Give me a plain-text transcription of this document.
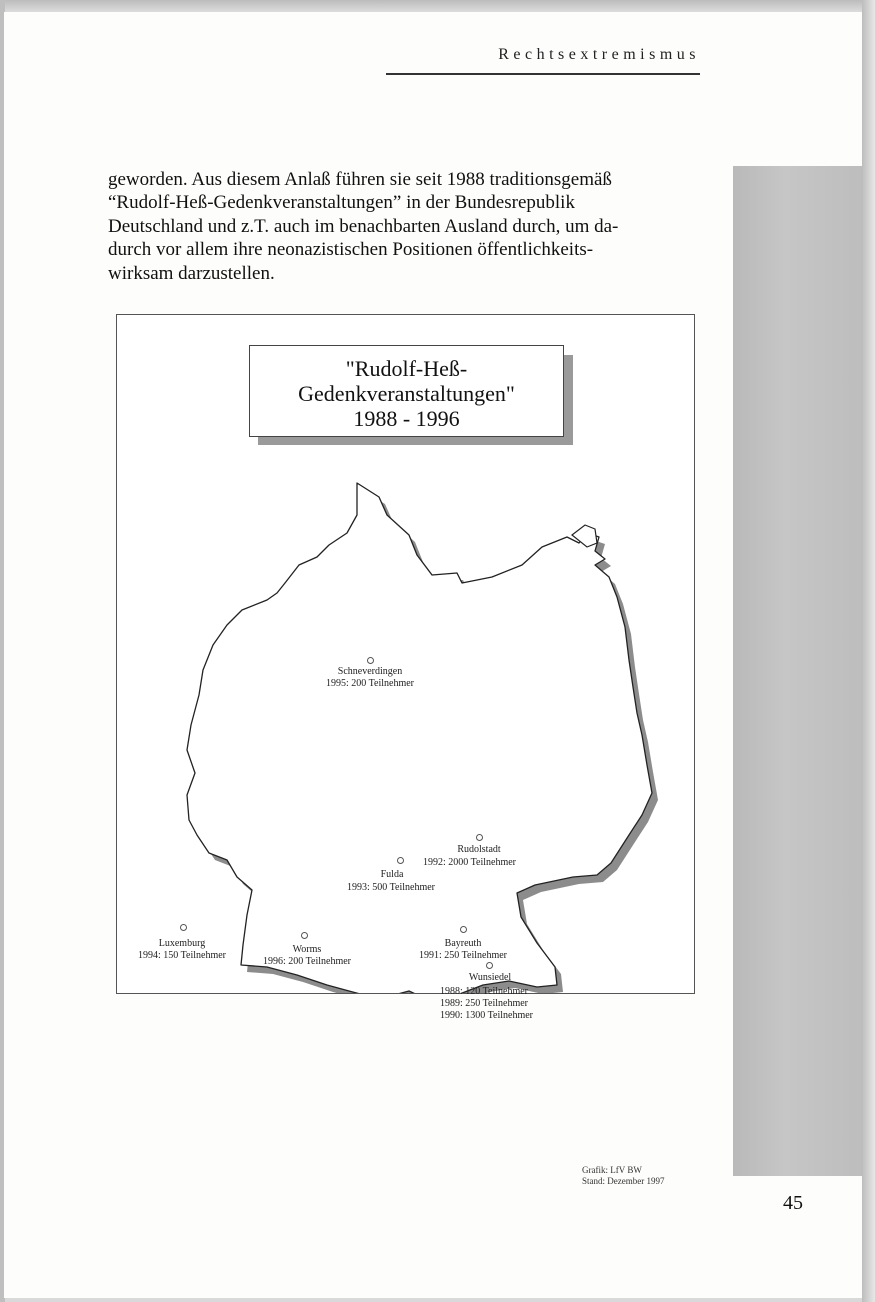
Rechtsextremismus

geworden. Aus diesem Anlaß führen sie seit 1988 traditionsgemäß

“Rudolf-Heß-Gedenkveranstaltungen” in der Bundesrepublik

Deutschland und z.T. auch im benachbarten Ausland durch, um da-

durch vor allem ihre neonazistischen Positionen öffentlichkeits-

wirksam darzustellen.

"Rudolf-Heß-
Gedenkveranstaltungen"
1988 - 1996
Schneverdingen
1995: 200 Teilnehmer
Rudolstadt
1992: 2000 Teilnehmer
Fulda
1993: 500 Teilnehmer
Luxemburg
1994: 150 Teilnehmer
Worms
1996: 200 Teilnehmer
Bayreuth
1991: 250 Teilnehmer
Wunsiedel
1988: 120 Teilnehmer
1989: 250 Teilnehmer
1990: 1300 Teilnehmer
Grafik: LfV BW
Stand: Dezember 1997
45
